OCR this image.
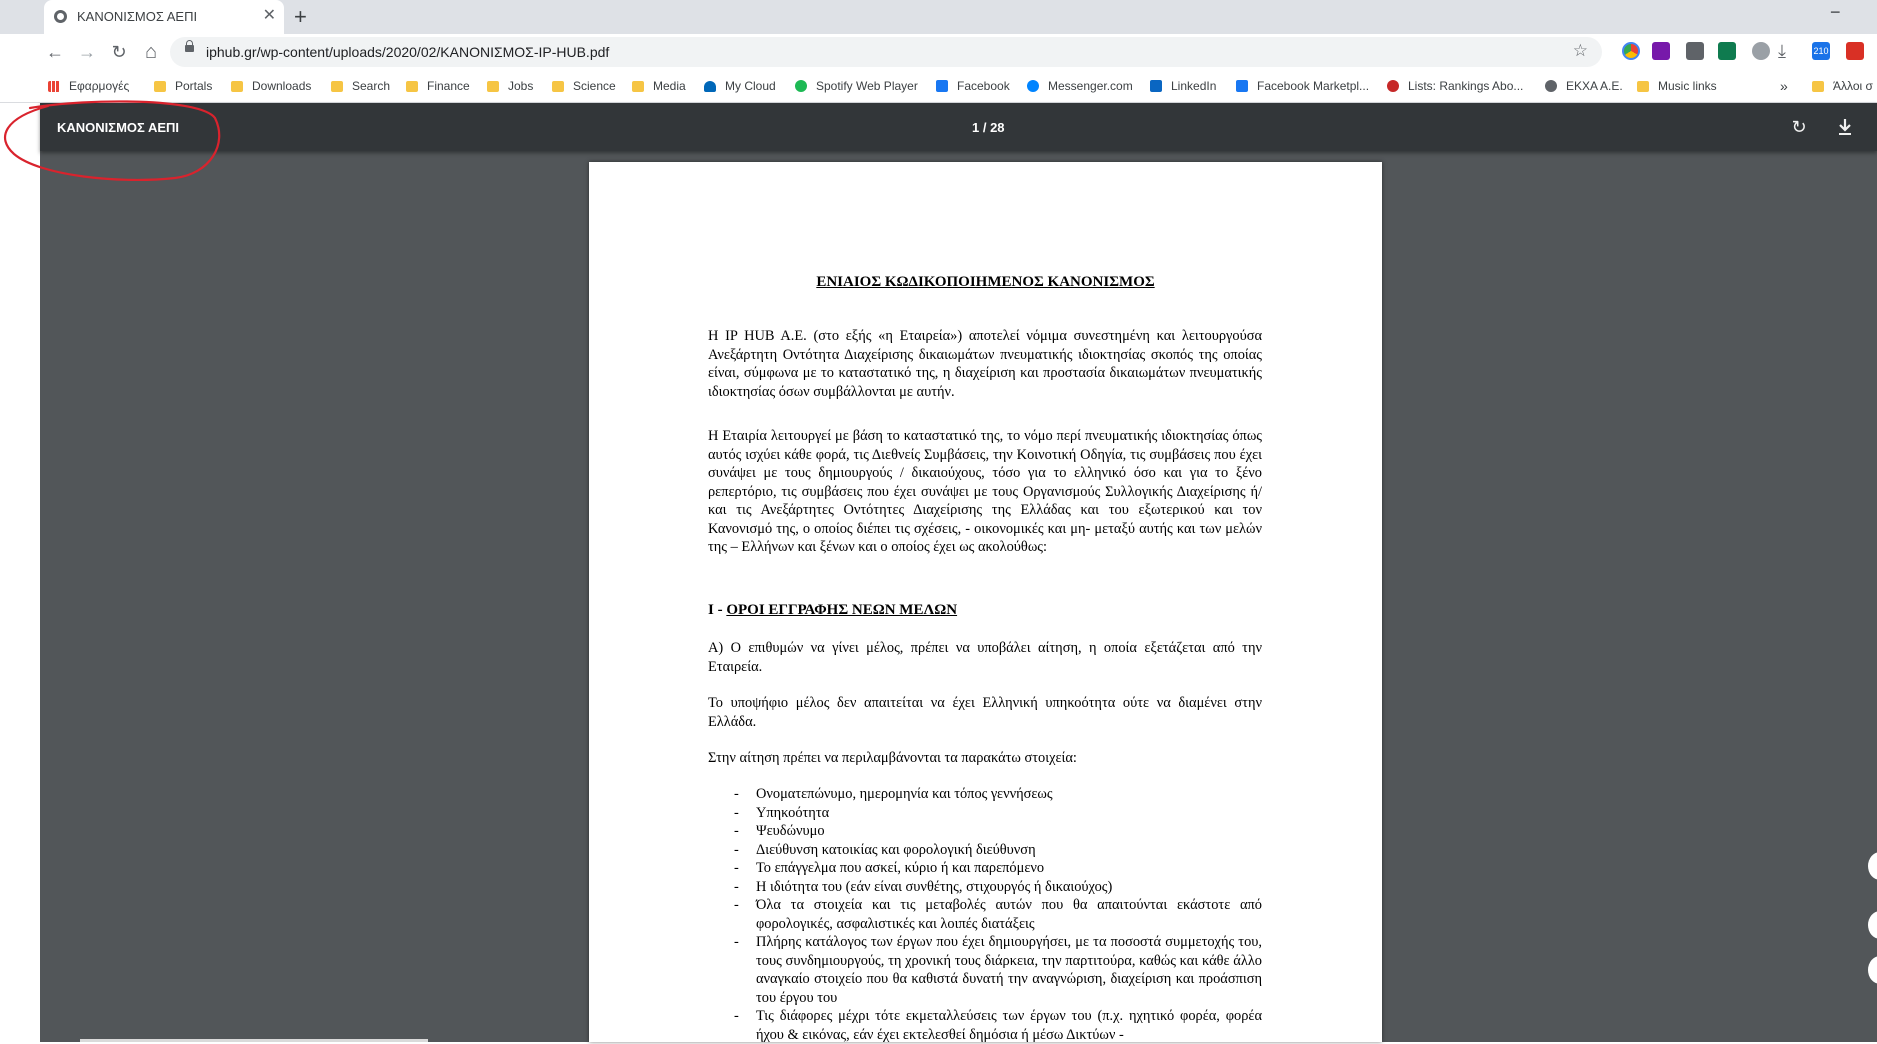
ΚΑΝΟΝΙΣΜΟΣ ΑΕΠΙ	✕ +	−
← → ↻ ⌂	iphub.gr/wp-content/uploads/2020/02/ΚΑΝΟΝΙΣΜΟΣ-IP-HUB.pdf	☆	⤓	210
Εφαρμογές	Portals	Downloads	Search	Finance	Jobs	Science	Media	My Cloud	Spotify Web Player	Facebook	Messenger.com	LinkedIn	Facebook Marketpl...	Lists: Rankings Abo...	ΕΚΧΑ Α.Ε.	Music links	»	Άλλοι σ
ΚΑΝΟΝΙΣΜΟΣ ΑΕΠΙ	1 / 28	↻
ΕΝΙΑΙΟΣ ΚΩΔΙΚΟΠΟΙΗΜΕΝΟΣ ΚΑΝΟΝΙΣΜΟΣ
Η IP HUB A.E. (στο εξής «η Εταιρεία») αποτελεί νόμιμα συνεστημένη και λειτουργούσα Ανεξάρτητη Οντότητα Διαχείρισης δικαιωμάτων πνευματικής ιδιοκτησίας σκοπός της οποίας είναι, σύμφωνα με το καταστατικό της, η διαχείριση και προστασία δικαιωμάτων πνευματικής ιδιοκτησίας όσων συμβάλλονται με αυτήν.
Η Εταιρία λειτουργεί με βάση το καταστατικό της, το νόμο περί πνευματικής ιδιοκτησίας όπως αυτός ισχύει κάθε φορά, τις Διεθνείς Συμβάσεις, την Κοινοτική Οδηγία, τις συμβάσεις που έχει συνάψει με τους δημιουργούς / δικαιούχους, τόσο για το ελληνικό όσο και για το ξένο ρεπερτόριο, τις συμβάσεις που έχει συνάψει με τους Οργανισμούς Συλλογικής Διαχείρισης ή/και τις Ανεξάρτητες Οντότητες Διαχείρισης της Ελλάδας και του εξωτερικού και τον Κανονισμό της, ο οποίος διέπει τις σχέσεις, - οικονομικές και μη- μεταξύ αυτής και των μελών της – Ελλήνων και ξένων και ο οποίος έχει ως ακολούθως:
I - ΟΡΟΙ ΕΓΓΡΑΦΗΣ ΝΕΩΝ ΜΕΛΩΝ
Α) Ο επιθυμών να γίνει μέλος, πρέπει να υποβάλει αίτηση, η οποία εξετάζεται από την Εταιρεία.
Το υποψήφιο μέλος δεν απαιτείται να έχει Ελληνική υπηκοότητα ούτε να διαμένει στην Ελλάδα.
Στην αίτηση πρέπει να περιλαμβάνονται τα παρακάτω στοιχεία:
- Ονοματεπώνυμο, ημερομηνία και τόπος γεννήσεως
- Υπηκοότητα
- Ψευδώνυμο
- Διεύθυνση κατοικίας και φορολογική διεύθυνση
- Το επάγγελμα που ασκεί, κύριο ή και παρεπόμενο
- Η ιδιότητα του (εάν είναι συνθέτης, στιχουργός ή δικαιούχος)
- Όλα τα στοιχεία και τις μεταβολές αυτών που θα απαιτούνται εκάστοτε από φορολογικές, ασφαλιστικές και λοιπές διατάξεις
- Πλήρης κατάλογος των έργων που έχει δημιουργήσει, με τα ποσοστά συμμετοχής του, τους συνδημιουργούς, τη χρονική τους διάρκεια, την παρτιτούρα, καθώς και κάθε άλλο αναγκαίο στοιχείο που θα καθιστά δυνατή την αναγνώριση, διαχείριση και προάσπιση του έργου του
- Τις διάφορες μέχρι τότε εκμεταλλεύσεις των έργων του (π.χ. ηχητικό φορέα, φορέα ήχου & εικόνας, εάν έχει εκτελεσθεί δημόσια ή μέσω Δικτύων -
